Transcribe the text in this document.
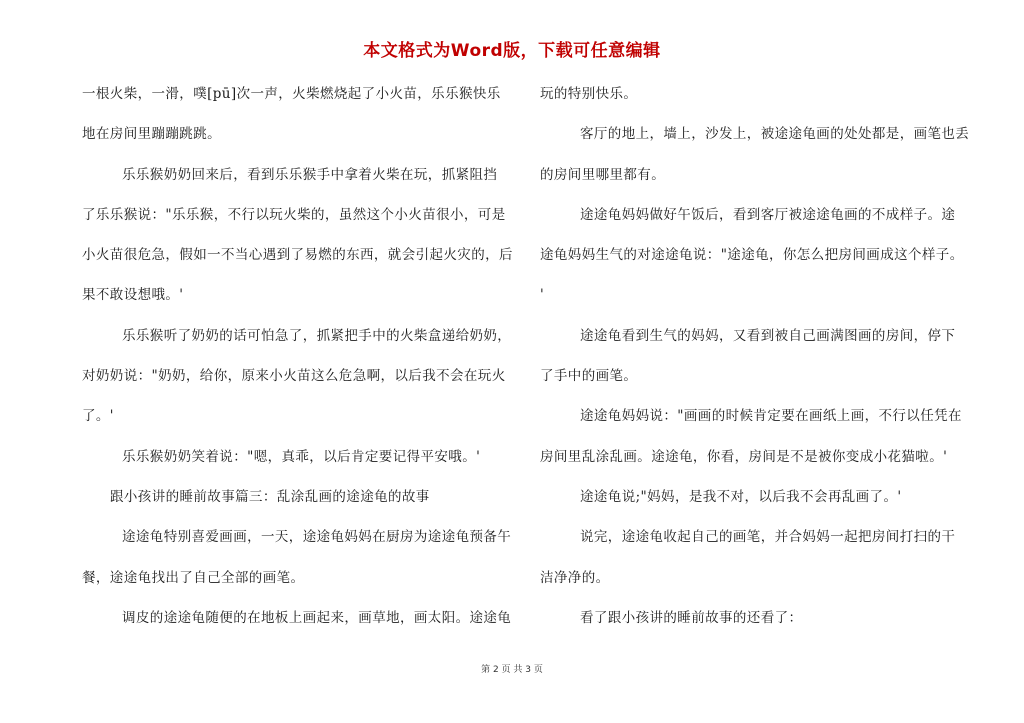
本文格式为Word版，下载可任意编辑
一根火柴，一滑，噗[pū]次一声，火柴燃烧起了小火苗，乐乐猴快乐
地在房间里蹦蹦跳跳。
乐乐猴奶奶回来后，看到乐乐猴手中拿着火柴在玩，抓紧阻挡
了乐乐猴说："乐乐猴，不行以玩火柴的，虽然这个小火苗很小，可是
小火苗很危急，假如一不当心遇到了易燃的东西，就会引起火灾的，后
果不敢设想哦。'
乐乐猴听了奶奶的话可怕急了，抓紧把手中的火柴盒递给奶奶，
对奶奶说："奶奶，给你，原来小火苗这么危急啊，以后我不会在玩火
了。'
乐乐猴奶奶笑着说："嗯，真乖，以后肯定要记得平安哦。'
跟小孩讲的睡前故事篇三：乱涂乱画的途途龟的故事
途途龟特别喜爱画画，一天，途途龟妈妈在厨房为途途龟预备午
餐，途途龟找出了自己全部的画笔。
调皮的途途龟随便的在地板上画起来，画草地，画太阳。途途龟
玩的特别快乐。
客厅的地上，墙上，沙发上，被途途龟画的处处都是，画笔也丢
的房间里哪里都有。
途途龟妈妈做好午饭后，看到客厅被途途龟画的不成样子。途
途龟妈妈生气的对途途龟说："途途龟，你怎么把房间画成这个样子。
'
途途龟看到生气的妈妈，又看到被自己画满图画的房间，停下
了手中的画笔。
途途龟妈妈说："画画的时候肯定要在画纸上画，不行以任凭在
房间里乱涂乱画。途途龟，你看，房间是不是被你变成小花猫啦。'
途途龟说;"妈妈，是我不对，以后我不会再乱画了。'
说完，途途龟收起自己的画笔，并合妈妈一起把房间打扫的干
洁净净的。
看了跟小孩讲的睡前故事的还看了：
第 2 页 共 3 页
